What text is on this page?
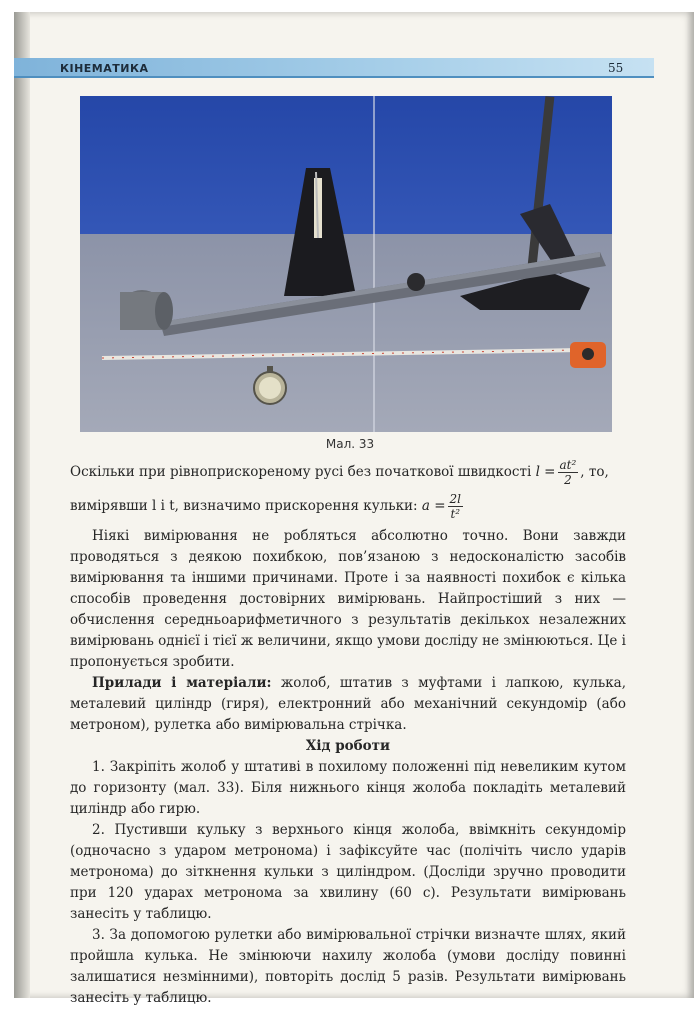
КІНЕМАТИКА	55
Мал. 33
Оскільки при рівноприскореному русі без початкової швидкості $l = \frac{\text{at²}}{2}$ , то,
вимірявши l і t, визначимо прискорення кульки: $a = \frac{2l}{\text{t²}}$

Ніякі вимірювання не робляться абсолютно точно. Вони завжди проводяться з деякою похибкою, пов’язаною з недосконалістю засобів вимірювання та іншими причинами. Проте і за наявності похибок є кілька способів проведення достовірних вимірювань. Найпростіший з них — обчислення середньоарифметичного з результатів декількох незалежних вимірювань однієї і тієї ж величини, якщо умови досліду не змінюються. Це і пропонується зробити.

Прилади і матеріали: жолоб, штатив з муфтами і лапкою, кулька, металевий циліндр (гиря), електронний або механічний секундомір (або метроном), рулетка або вимірювальна стрічка.

Хід роботи

1. Закріпіть жолоб у штативі в похилому положенні під невеликим кутом до горизонту (мал. 33). Біля нижнього кінця жолоба покладіть металевий циліндр або гирю.

2. Пустивши кульку з верхнього кінця жолоба, ввімкніть секундомір (одночасно з ударом метронома) і зафіксуйте час (полічіть число ударів метронома) до зіткнення кульки з циліндром. (Досліди зручно проводити при 120 ударах метронома за хвилину (60 с). Результати вимірювань занесіть у таблицю.

3. За допомогою рулетки або вимірювальної стрічки визначте шлях, який пройшла кулька. Не змінюючи нахилу жолоба (умови досліду повинні залишатися незмінними), повторіть дослід 5 разів. Результати вимірювань занесіть у таблицю.
